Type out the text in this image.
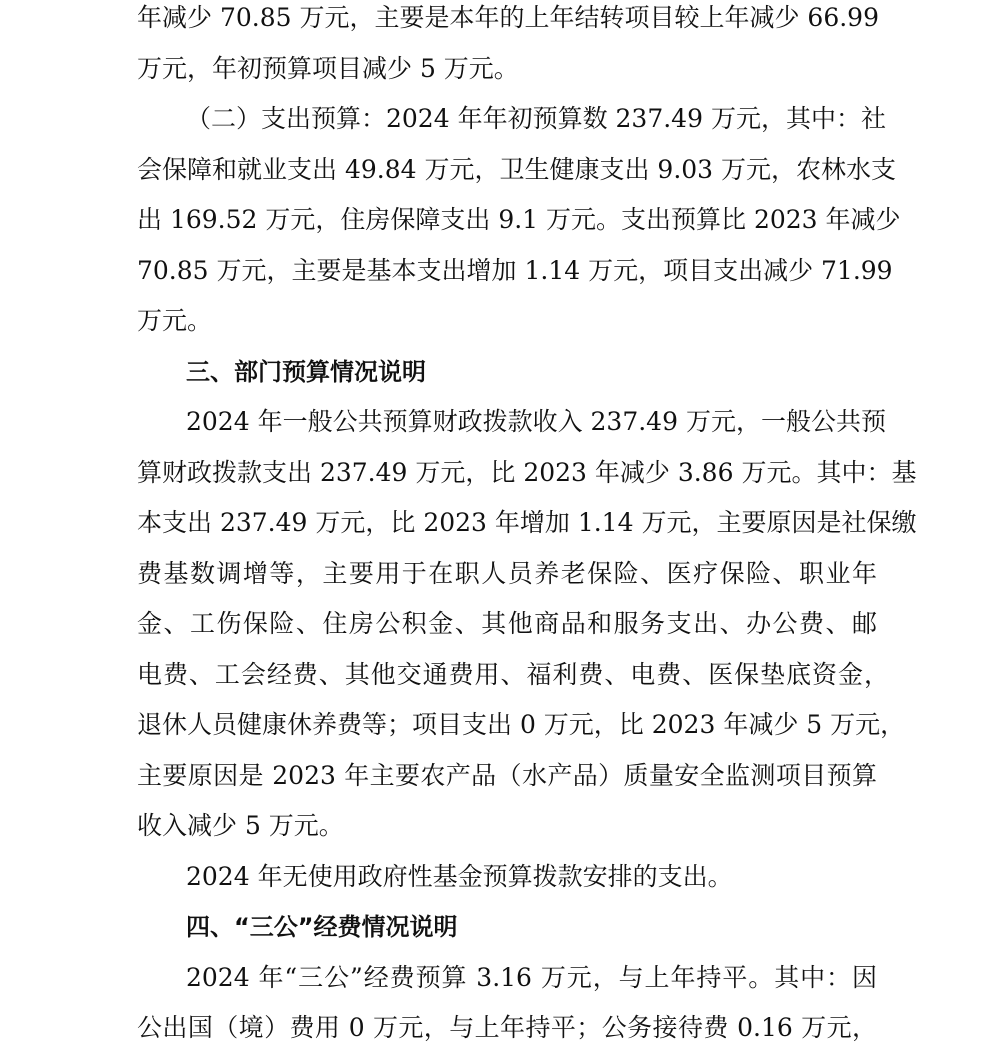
年减少 70.85 万元，主要是本年的上年结转项目较上年减少 66.99

万元，年初预算项目减少 5 万元。

（二）支出预算：2024 年年初预算数 237.49 万元，其中：社

会保障和就业支出 49.84 万元，卫生健康支出 9.03 万元，农林水支

出 169.52 万元，住房保障支出 9.1 万元。支出预算比 2023 年减少

70.85 万元，主要是基本支出增加 1.14 万元，项目支出减少 71.99

万元。

三、部门预算情况说明

2024 年一般公共预算财政拨款收入 237.49 万元，一般公共预

算财政拨款支出 237.49 万元，比 2023 年减少 3.86 万元。其中：基

本支出 237.49 万元，比 2023 年增加 1.14 万元，主要原因是社保缴

费基数调增等，主要用于在职人员养老保险、医疗保险、职业年

金、工伤保险、住房公积金、其他商品和服务支出、办公费、邮

电费、工会经费、其他交通费用、福利费、电费、医保垫底资金，

退休人员健康休养费等；项目支出 0 万元，比 2023 年减少 5 万元，

主要原因是 2023 年主要农产品（水产品）质量安全监测项目预算

收入减少 5 万元。

2024 年无使用政府性基金预算拨款安排的支出。

四、“三公”经费情况说明

2024 年“三公”经费预算 3.16 万元，与上年持平。其中：因

公出国（境）费用 0 万元，与上年持平；公务接待费 0.16 万元，
